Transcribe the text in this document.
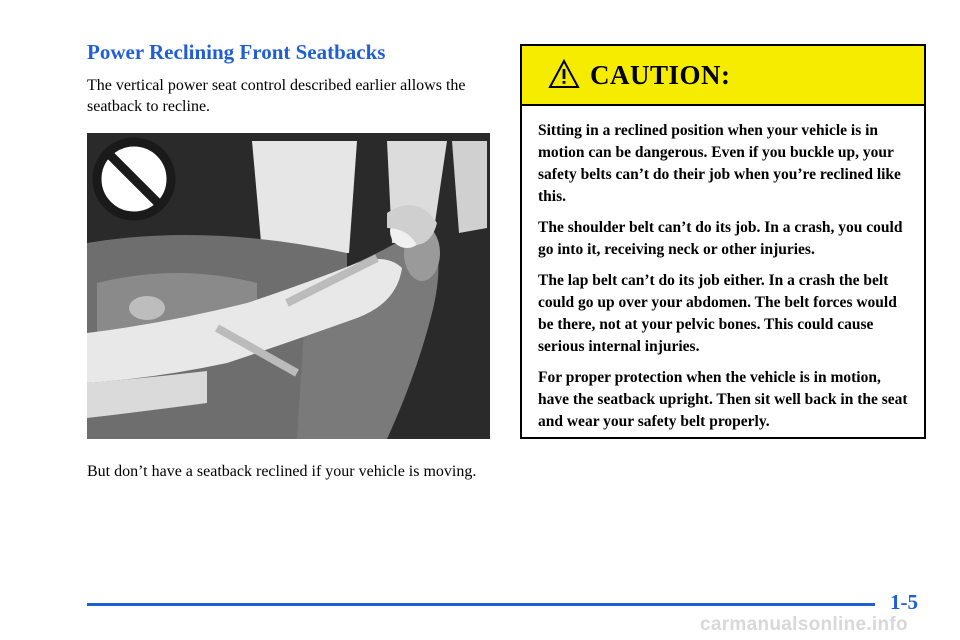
Power Reclining Front Seatbacks

The vertical power seat control described earlier allows the seatback to recline.

But don’t have a seatback reclined if your vehicle is moving.

CAUTION:

Sitting in a reclined position when your vehicle is in motion can be dangerous. Even if you buckle up, your safety belts can’t do their job when you’re reclined like this.

The shoulder belt can’t do its job. In a crash, you could go into it, receiving neck or other injuries.

The lap belt can’t do its job either. In a crash the belt could go up over your abdomen. The belt forces would be there, not at your pelvic bones. This could cause serious internal injuries.

For proper protection when the vehicle is in motion, have the seatback upright. Then sit well back in the seat and wear your safety belt properly.

1-5
carmanualsonline.info
